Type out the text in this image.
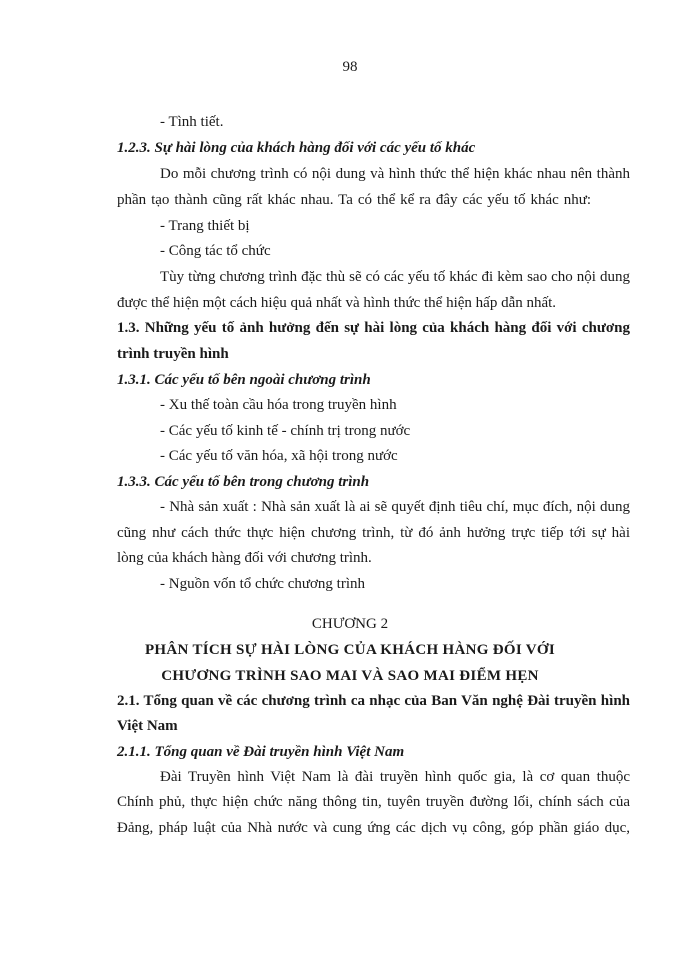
98
- Tình tiết.
1.2.3. Sự hài lòng của khách hàng đối với các yếu tố khác
Do mỗi chương trình có nội dung và hình thức thể hiện khác nhau nên thành
phần tạo thành cũng rất khác nhau. Ta có thể kể ra đây các yếu tố khác như:
- Trang thiết bị
- Công tác tổ chức
Tùy từng chương trình đặc thù sẽ có các yếu tố khác đi kèm sao cho nội dung
được thể hiện một cách hiệu quả nhất và hình thức thể hiện hấp dẫn nhất.
1.3. Những yếu tố ảnh hưởng đến sự hài lòng của khách hàng đối với chương
trình truyền hình
1.3.1. Các yếu tố bên ngoài chương trình
- Xu thế toàn cầu hóa trong truyền hình
- Các yếu tố kinh tế - chính trị trong nước
- Các yếu tố văn hóa, xã hội trong nước
1.3.3. Các yếu tố bên trong chương trình
- Nhà sản xuất : Nhà sản xuất là ai sẽ quyết định tiêu chí, mục đích, nội dung
cũng như cách thức thực hiện chương trình, từ đó ảnh hưởng trực tiếp tới sự hài
lòng của khách hàng đối với chương trình.
- Nguồn vốn tổ chức chương trình
CHƯƠNG 2
PHÂN TÍCH SỰ HÀI LÒNG CỦA KHÁCH HÀNG ĐỐI VỚI
CHƯƠNG TRÌNH SAO MAI VÀ SAO MAI ĐIỂM HẸN
2.1. Tổng quan về các chương trình ca nhạc của Ban Văn nghệ Đài truyền hình
Việt Nam
2.1.1. Tổng quan về Đài truyền hình Việt Nam
Đài Truyền hình Việt Nam là đài truyền hình quốc gia, là cơ quan thuộc
Chính phủ, thực hiện chức năng thông tin, tuyên truyền đường lối, chính sách của
Đảng, pháp luật của Nhà nước và cung ứng các dịch vụ công, góp phần giáo dục,
